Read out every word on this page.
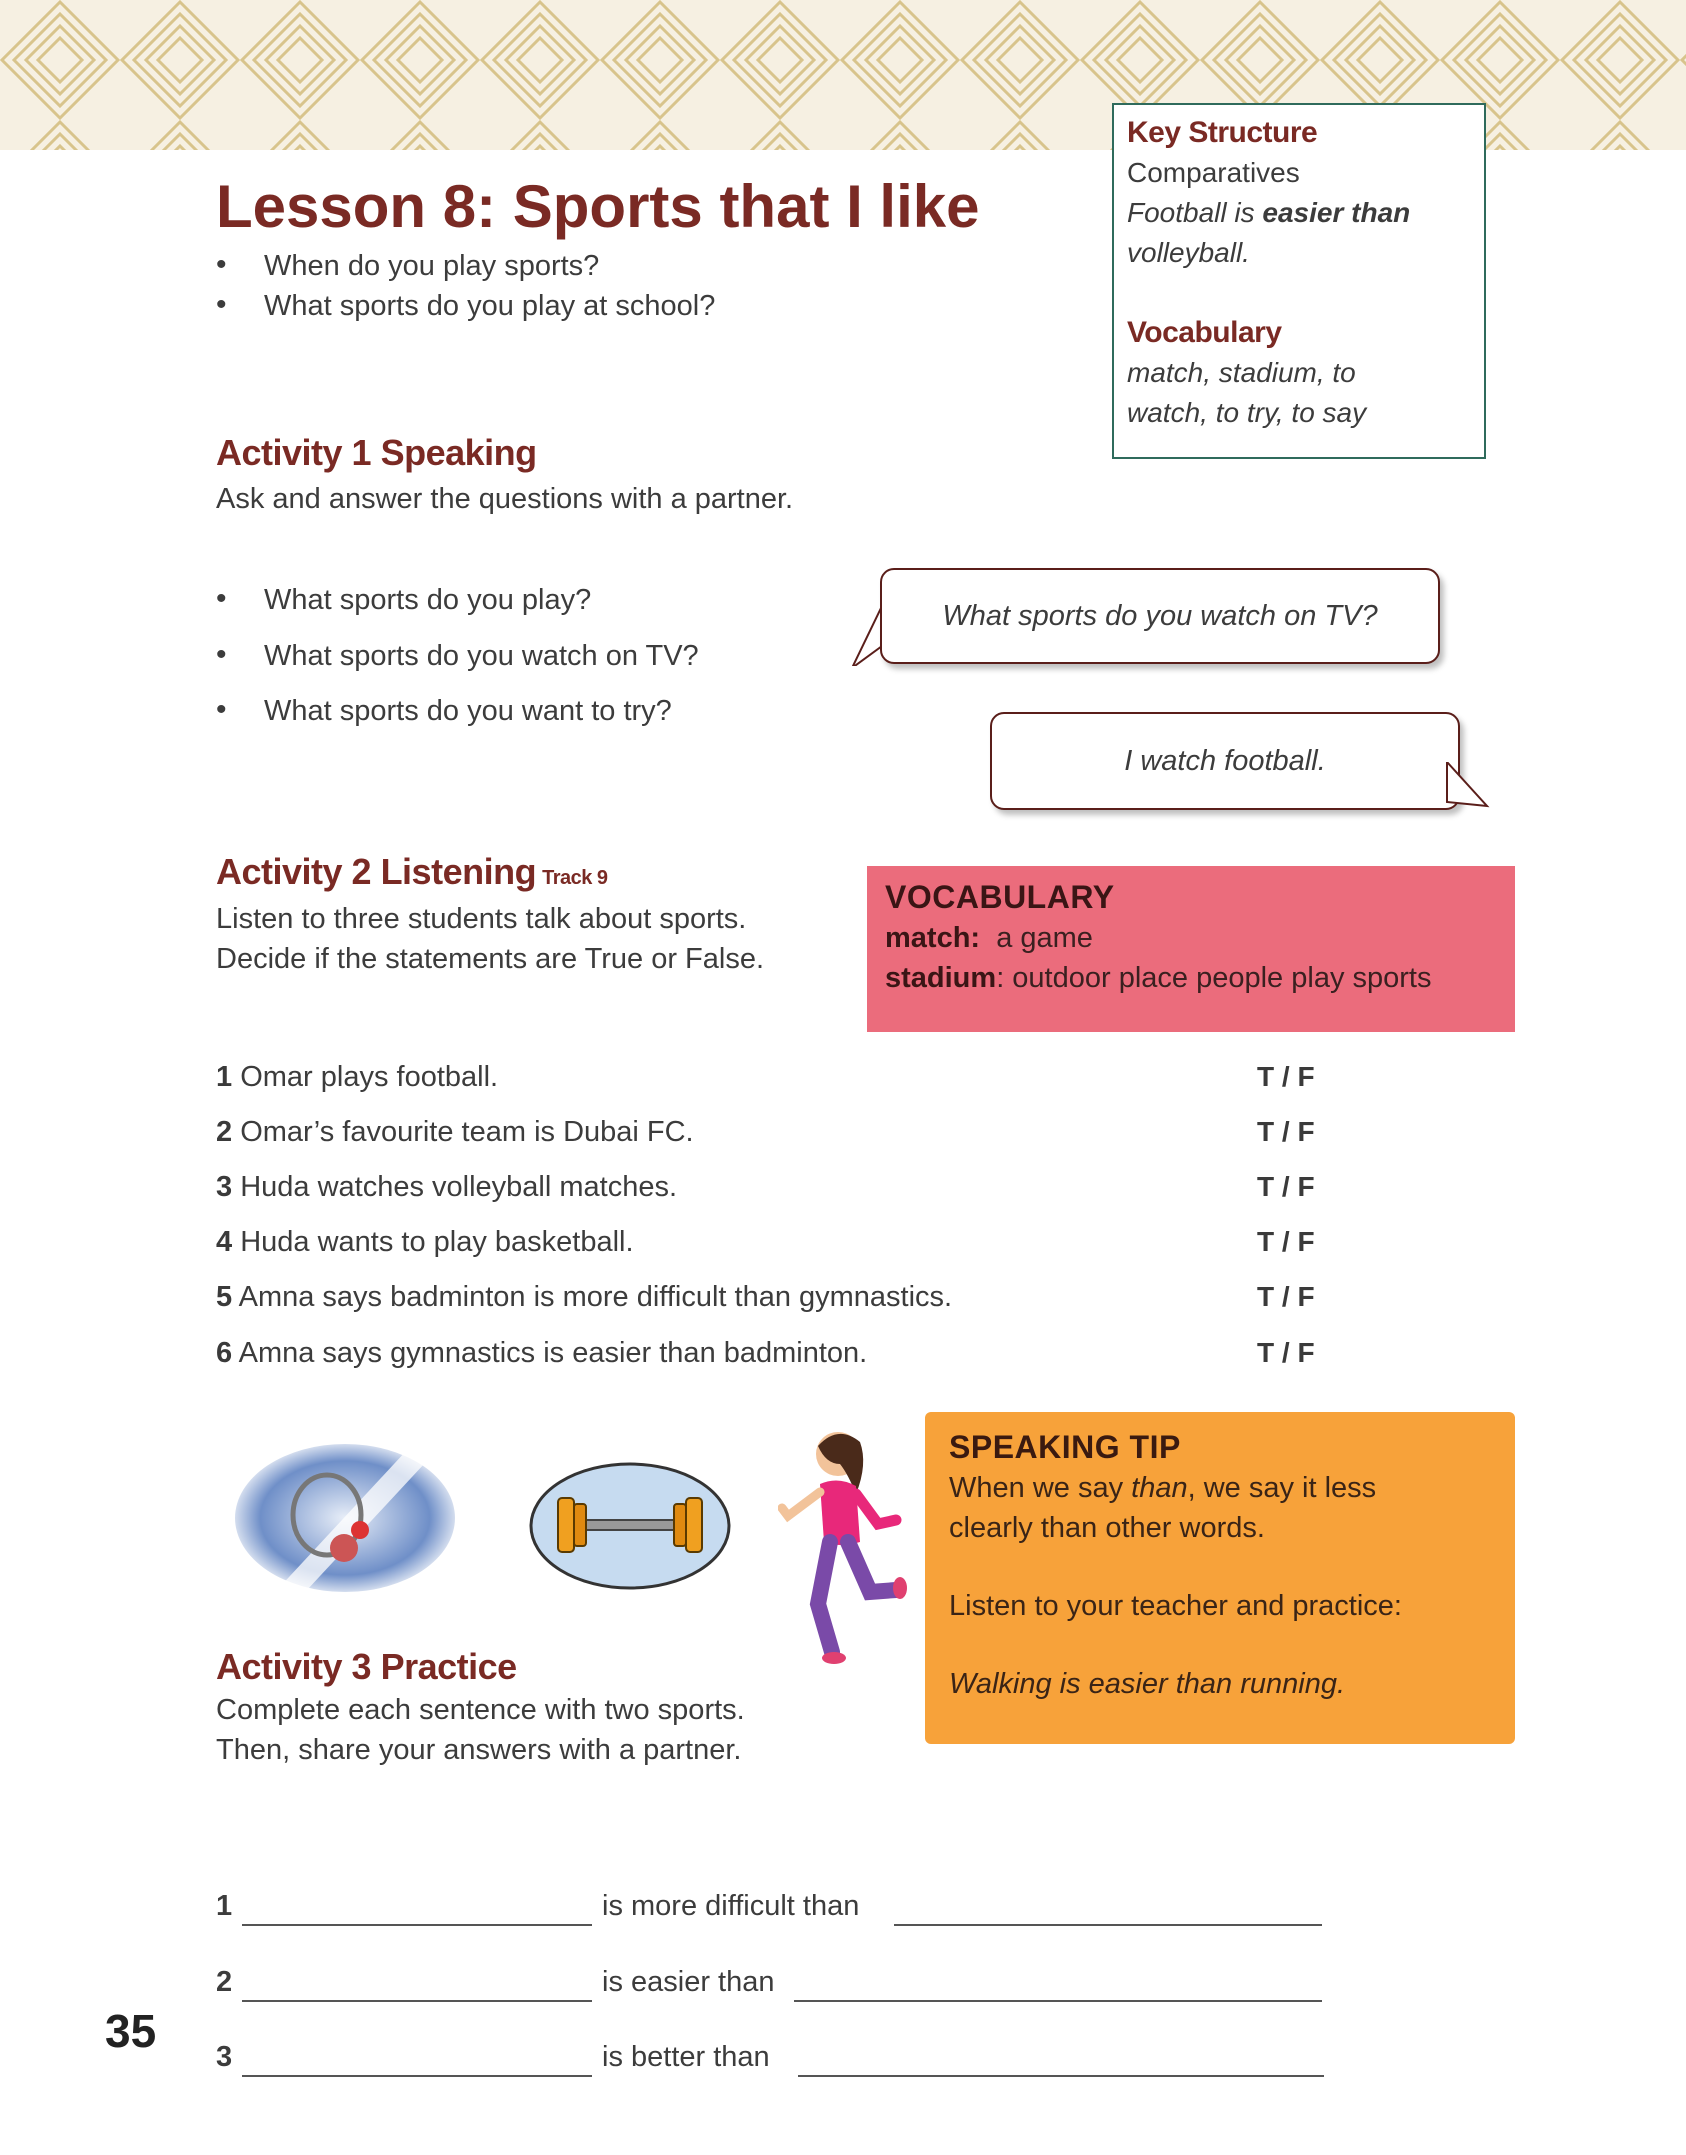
Lesson 8: Sports that I like
• When do you play sports?
• What sports do you play at school?
Key Structure
Comparatives
Football is easier than
volleyball.
Vocabulary
match, stadium, to
watch, to try, to say
Activity 1 Speaking
Ask and answer the questions with a partner.
• What sports do you play?
• What sports do you watch on TV?
• What sports do you want to try?
What sports do you watch on TV?
I watch football.
Activity 2 Listening Track 9
Listen to three students talk about sports.
Decide if the statements are True or False.
VOCABULARY
match: a game
stadium: outdoor place people play sports
1 Omar plays football.	T / F
2 Omar’s favourite team is Dubai FC.	T / F
3 Huda watches volleyball matches.	T / F
4 Huda wants to play basketball.	T / F
5 Amna says badminton is more difficult than gymnastics.	T / F
6 Amna says gymnastics is easier than badminton.	T / F
SPEAKING TIP
When we say than, we say it less
clearly than other words.
Listen to your teacher and practice:
Walking is easier than running.
Activity 3 Practice
Complete each sentence with two sports.
Then, share your answers with a partner.
1	is more difficult than
2	is easier than
3	is better than
35
